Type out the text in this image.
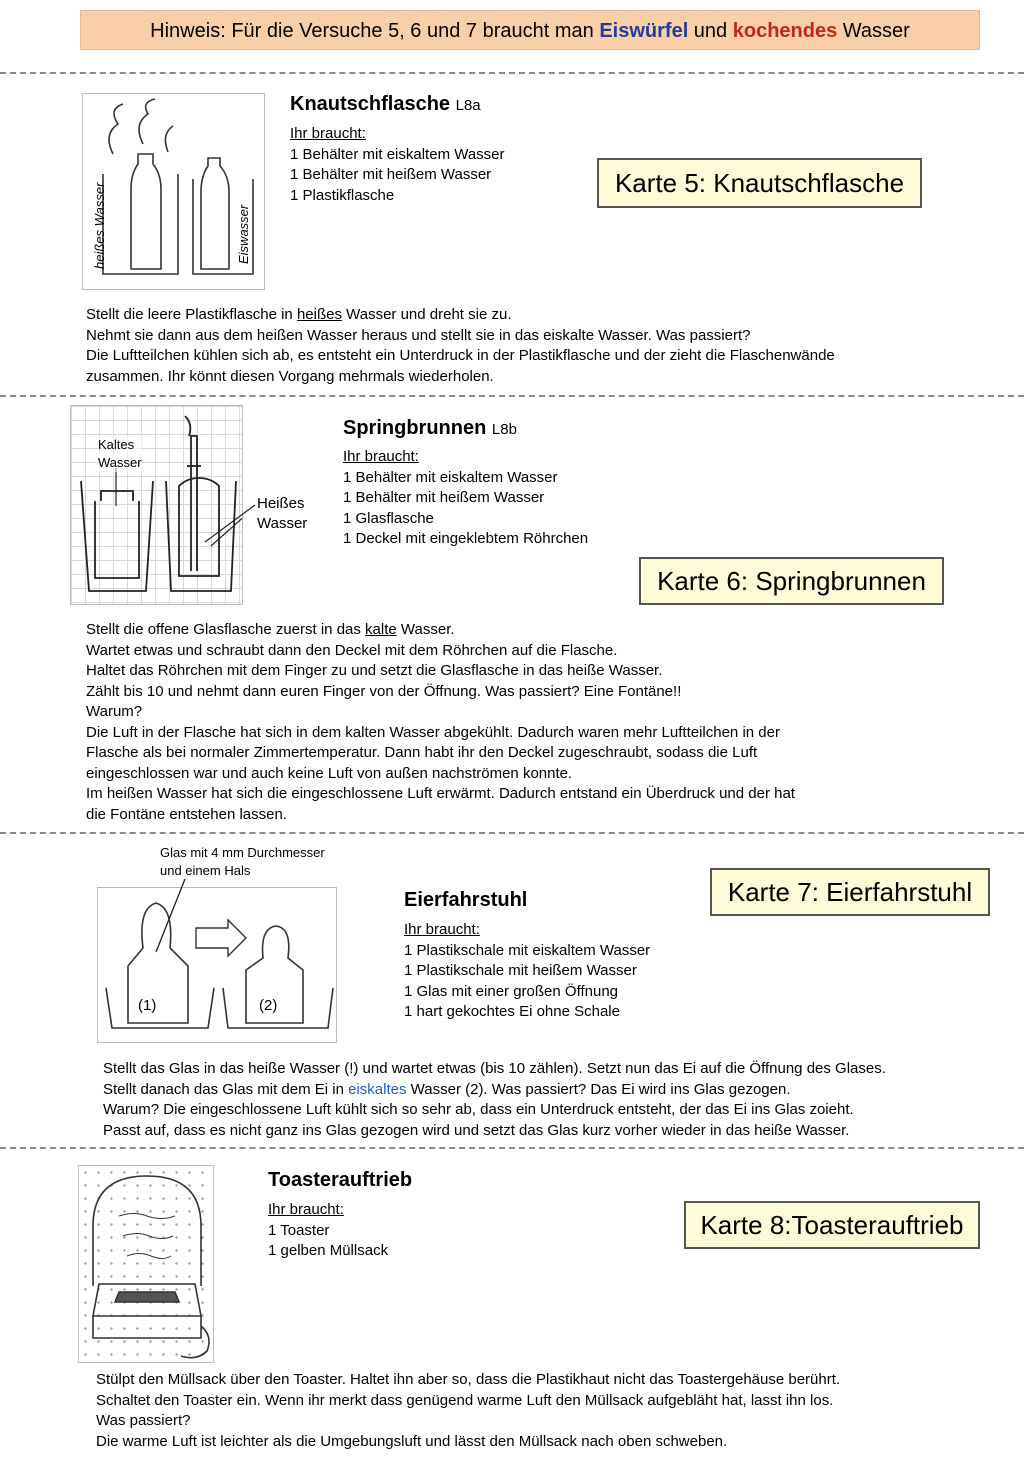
Hinweis: Für die Versuche 5, 6 und 7 braucht man Eiswürfel und kochendes Wasser
heißes Wasser	Eiswasser
Knautschflasche L8a
Ihr braucht:
1 Behälter mit eiskaltem Wasser
1 Behälter mit heißem Wasser
1 Plastikflasche	Karte 5: Knautschflasche
Stellt die leere Plastikflasche in heißes Wasser und dreht sie zu.
Nehmt sie dann aus dem heißen Wasser heraus und stellt sie in das eiskalte Wasser. Was passiert?
Die Luftteilchen kühlen sich ab, es entsteht ein Unterdruck in der Plastikflasche und der zieht die Flaschenwände
zusammen. Ihr könnt diesen Vorgang mehrmals wiederholen.
Kaltes
Wasser
Heißes
Wasser
Springbrunnen L8b
Ihr braucht:
1 Behälter mit eiskaltem Wasser
1 Behälter mit heißem Wasser
1 Glasflasche
1 Deckel mit eingeklebtem Röhrchen
Karte 6: Springbrunnen
Stellt die offene Glasflasche zuerst in das kalte Wasser.
Wartet etwas und schraubt dann den Deckel mit dem Röhrchen auf die Flasche.
Haltet das Röhrchen mit dem Finger zu und setzt die Glasflasche in das heiße Wasser.
Zählt bis 10 und nehmt dann euren Finger von der Öffnung. Was passiert? Eine Fontäne!!
Warum?
Die Luft in der Flasche hat sich in dem kalten Wasser abgekühlt. Dadurch waren mehr Luftteilchen in der
Flasche als bei normaler Zimmertemperatur. Dann habt ihr den Deckel zugeschraubt, sodass die Luft
eingeschlossen war und auch keine Luft von außen nachströmen konnte.
Im heißen Wasser hat sich die eingeschlossene Luft erwärmt. Dadurch entstand ein Überdruck und der hat
die Fontäne entstehen lassen.
Glas mit 4 mm Durchmesser
und einem Hals
(1)	(2)
Eierfahrstuhl
Ihr braucht:
1 Plastikschale mit eiskaltem Wasser
1 Plastikschale mit heißem Wasser
1 Glas mit einer großen Öffnung
1 hart gekochtes Ei ohne Schale
Karte 7: Eierfahrstuhl
Stellt das Glas in das heiße Wasser (!) und wartet etwas (bis 10 zählen). Setzt nun das Ei auf die Öffnung des Glases.
Stellt danach das Glas mit dem Ei in eiskaltes Wasser (2). Was passiert? Das Ei wird ins Glas gezogen.
Warum? Die eingeschlossene Luft kühlt sich so sehr ab, dass ein Unterdruck entsteht, der das Ei ins Glas zoieht.
Passt auf, dass es nicht ganz ins Glas gezogen wird und setzt das Glas kurz vorher wieder in das heiße Wasser.
Toasterauftrieb
Ihr braucht:
1 Toaster
1 gelben Müllsack
Karte 8:Toasterauftrieb
Stülpt den Müllsack über den Toaster. Haltet ihn aber so, dass die Plastikhaut nicht das Toastergehäuse berührt.
Schaltet den Toaster ein. Wenn ihr merkt dass genügend warme Luft den Müllsack aufgebläht hat, lasst ihn los.
Was passiert?
Die warme Luft ist leichter als die Umgebungsluft und lässt den Müllsack nach oben schweben.
